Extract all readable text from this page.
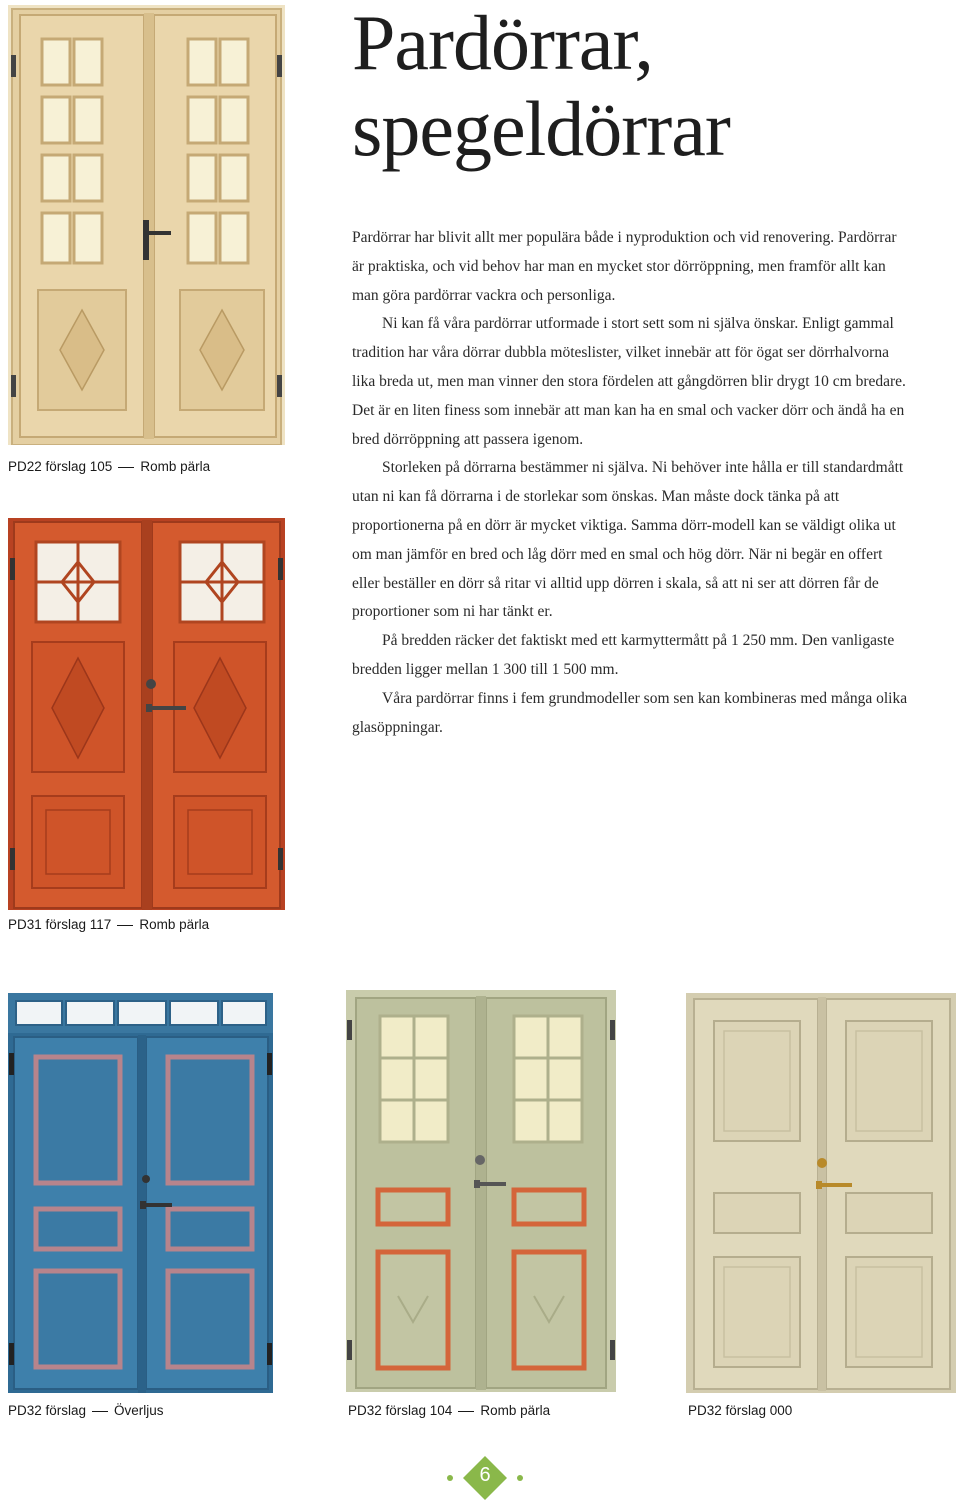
Pardörrar,
spegeldörrar

Pardörrar har blivit allt mer populära både i nyproduktion och vid renovering. Pardörrar är praktiska, och vid behov har man en mycket stor dörröppning, men framför allt kan man göra pardörrar vackra och personliga.

Ni kan få våra pardörrar utformade i stort sett som ni själva önskar. Enligt gammal tradition har våra dörrar dubbla möteslister, vilket innebär att för ögat ser dörrhalvorna lika breda ut, men man vinner den stora fördelen att gångdörren blir drygt 10 cm bredare. Det är en liten finess som innebär att man kan ha en smal och vacker dörr och ändå ha en bred dörröppning att passera igenom.

Storleken på dörrarna bestämmer ni själva. Ni behöver inte hålla er till standardmått utan ni kan få dörrarna i de storlekar som önskas. Man måste dock tänka på att proportionerna på en dörr är mycket viktiga. Samma dörr-modell kan se väldigt olika ut om man jämför en bred och låg dörr med en smal och hög dörr. När ni begär en offert eller beställer en dörr så ritar vi alltid upp dörren i skala, så att ni ser att dörren får de proportioner som ni har tänkt er.

På bredden räcker det faktiskt med ett karmyttermått på 1 250 mm. Den vanligaste bredden ligger mellan 1 300 till 1 500 mm.

Våra pardörrar finns i fem grundmodeller som sen kan kombineras med många olika glasöppningar.

PD22 förslag 105 Romb pärla
PD31 förslag 117 Romb pärla
PD32 förslag Överljus	PD32 förslag 104 Romb pärla	PD32 förslag 000
6
